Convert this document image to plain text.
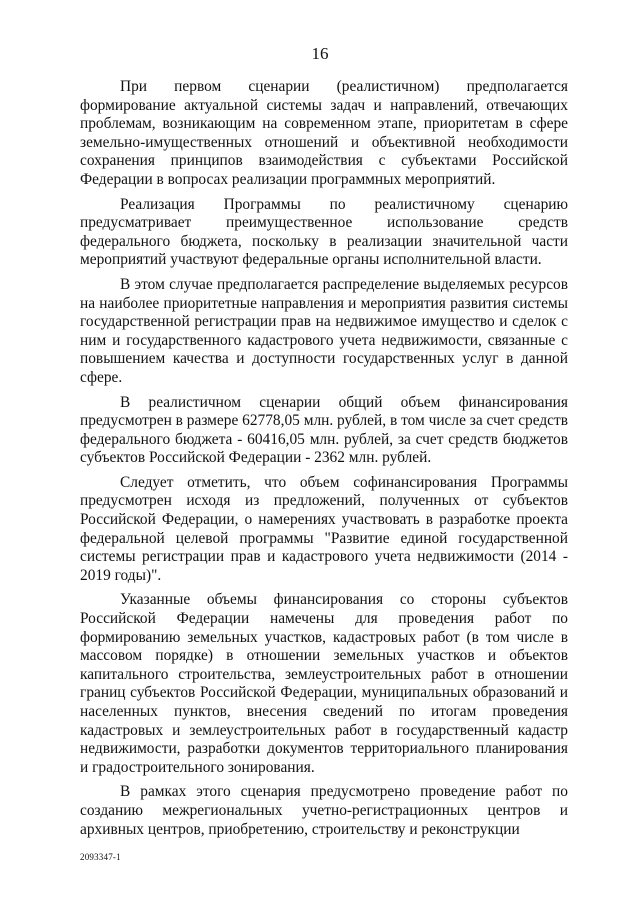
16

При первом сценарии (реалистичном) предполагается формирование актуальной системы задач и направлений, отвечающих проблемам, возникающим на современном этапе, приоритетам в сфере земельно-имущественных отношений и объективной необходимости сохранения принципов взаимодействия с субъектами Российской Федерации в вопросах реализации программных мероприятий.

Реализация Программы по реалистичному сценарию предусматривает преимущественное использование средств федерального бюджета, поскольку в реализации значительной части мероприятий участвуют федеральные органы исполнительной власти.

В этом случае предполагается распределение выделяемых ресурсов на наиболее приоритетные направления и мероприятия развития системы государственной регистрации прав на недвижимое имущество и сделок с ним и государственного кадастрового учета недвижимости, связанные с повышением качества и доступности государственных услуг в данной сфере.

В реалистичном сценарии общий объем финансирования предусмотрен в размере 62778,05 млн. рублей, в том числе за счет средств федерального бюджета - 60416,05 млн. рублей, за счет средств бюджетов субъектов Российской Федерации - 2362 млн. рублей.

Следует отметить, что объем софинансирования Программы предусмотрен исходя из предложений, полученных от субъектов Российской Федерации, о намерениях участвовать в разработке проекта федеральной целевой программы "Развитие единой государственной системы регистрации прав и кадастрового учета недвижимости (2014 - 2019 годы)".

Указанные объемы финансирования со стороны субъектов Российской Федерации намечены для проведения работ по формированию земельных участков, кадастровых работ (в том числе в массовом порядке) в отношении земельных участков и объектов капитального строительства, землеустроительных работ в отношении границ субъектов Российской Федерации, муниципальных образований и населенных пунктов, внесения сведений по итогам проведения кадастровых и землеустроительных работ в государственный кадастр недвижимости, разработки документов территориального планирования и градостроительного зонирования.

В рамках этого сценария предусмотрено проведение работ по созданию межрегиональных учетно-регистрационных центров и архивных центров, приобретению, строительству и реконструкции

2093347-1
